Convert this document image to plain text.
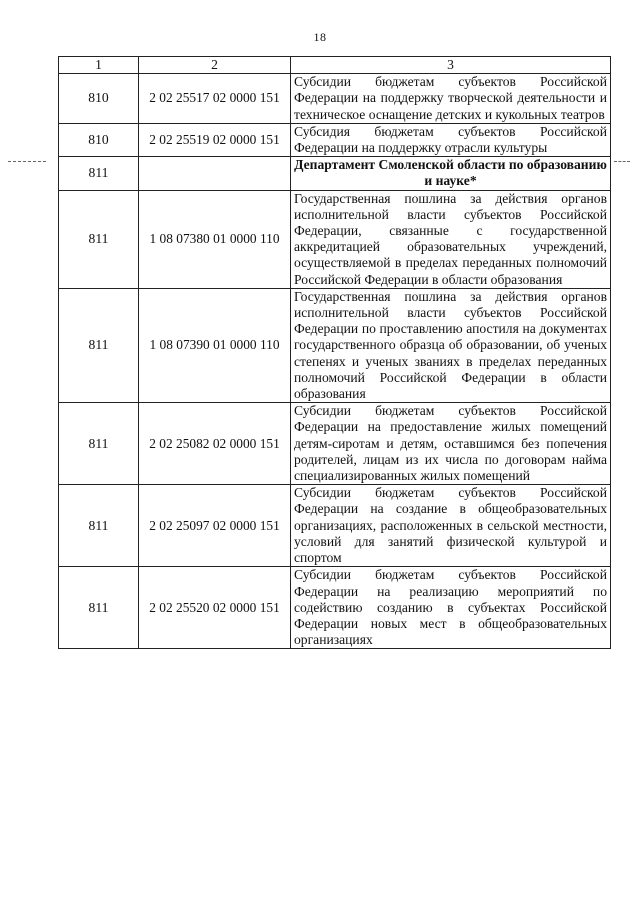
18
1	2	3
810	2 02 25517 02 0000 151	Субсидии бюджетам субъектов Российской Федерации на поддержку творческой деятельности и техническое оснащение детских и кукольных театров
810	2 02 25519 02 0000 151	Субсидия бюджетам субъектов Российской Федерации на поддержку отрасли культуры
811		Департамент Смоленской области по образованию и науке*
811	1 08 07380 01 0000 110	Государственная пошлина за действия органов исполнительной власти субъектов Российской Федерации, связанные с государственной аккредитацией образовательных учреждений, осуществляемой в пределах переданных полномочий Российской Федерации в области образования
811	1 08 07390 01 0000 110	Государственная пошлина за действия органов исполнительной власти субъектов Российской Федерации по проставлению апостиля на документах государственного образца об образовании, об ученых степенях и ученых званиях в пределах переданных полномочий Российской Федерации в области образования
811	2 02 25082 02 0000 151	Субсидии бюджетам субъектов Российской Федерации на предоставление жилых помещений детям-сиротам и детям, оставшимся без попечения родителей, лицам из их числа по договорам найма специализированных жилых помещений
811	2 02 25097 02 0000 151	Субсидии бюджетам субъектов Российской Федерации на создание в общеобразовательных организациях, расположенных в сельской местности, условий для занятий физической культурой и спортом
811	2 02 25520 02 0000 151	Субсидии бюджетам субъектов Российской Федерации на реализацию мероприятий по содействию созданию в субъектах Российской Федерации новых мест в общеобразовательных организациях
